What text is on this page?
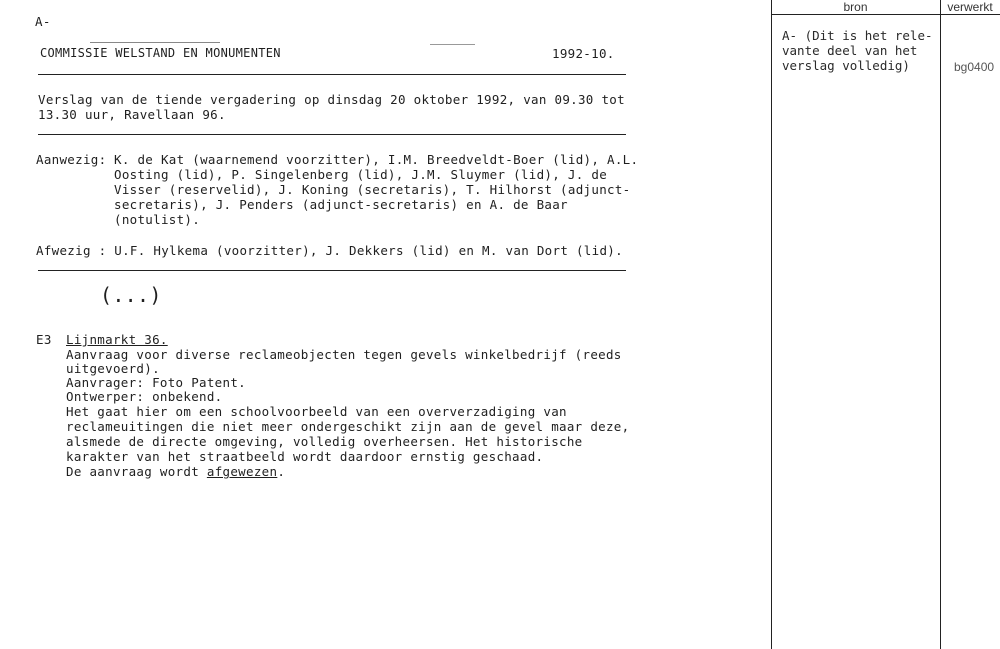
A-
COMMISSIE WELSTAND EN MONUMENTEN	1992-10.
Verslag van de tiende vergadering op dinsdag 20 oktober 1992, van 09.30 tot
13.30 uur, Ravellaan 96.
Aanwezig: K. de Kat (waarnemend voorzitter), I.M. Breedveldt-Boer (lid), A.L.
Oosting (lid), P. Singelenberg (lid), J.M. Sluymer (lid), J. de
Visser (reservelid), J. Koning (secretaris), T. Hilhorst (adjunct-
secretaris), J. Penders (adjunct-secretaris) en A. de Baar
(notulist).
Afwezig : U.F. Hylkema (voorzitter), J. Dekkers (lid) en M. van Dort (lid).
(...)
E3 Lijnmarkt 36.
Aanvraag voor diverse reclameobjecten tegen gevels winkelbedrijf (reeds
uitgevoerd).
Aanvrager: Foto Patent.
Ontwerper: onbekend.
Het gaat hier om een schoolvoorbeeld van een oververzadiging van
reclameuitingen die niet meer ondergeschikt zijn aan de gevel maar deze,
alsmede de directe omgeving, volledig overheersen. Het historische
karakter van het straatbeeld wordt daardoor ernstig geschaad.
De aanvraag wordt afgewezen.
bron	verwerkt
A- (Dit is het rele-
vante deel van het
verslag volledig)	bg0400
